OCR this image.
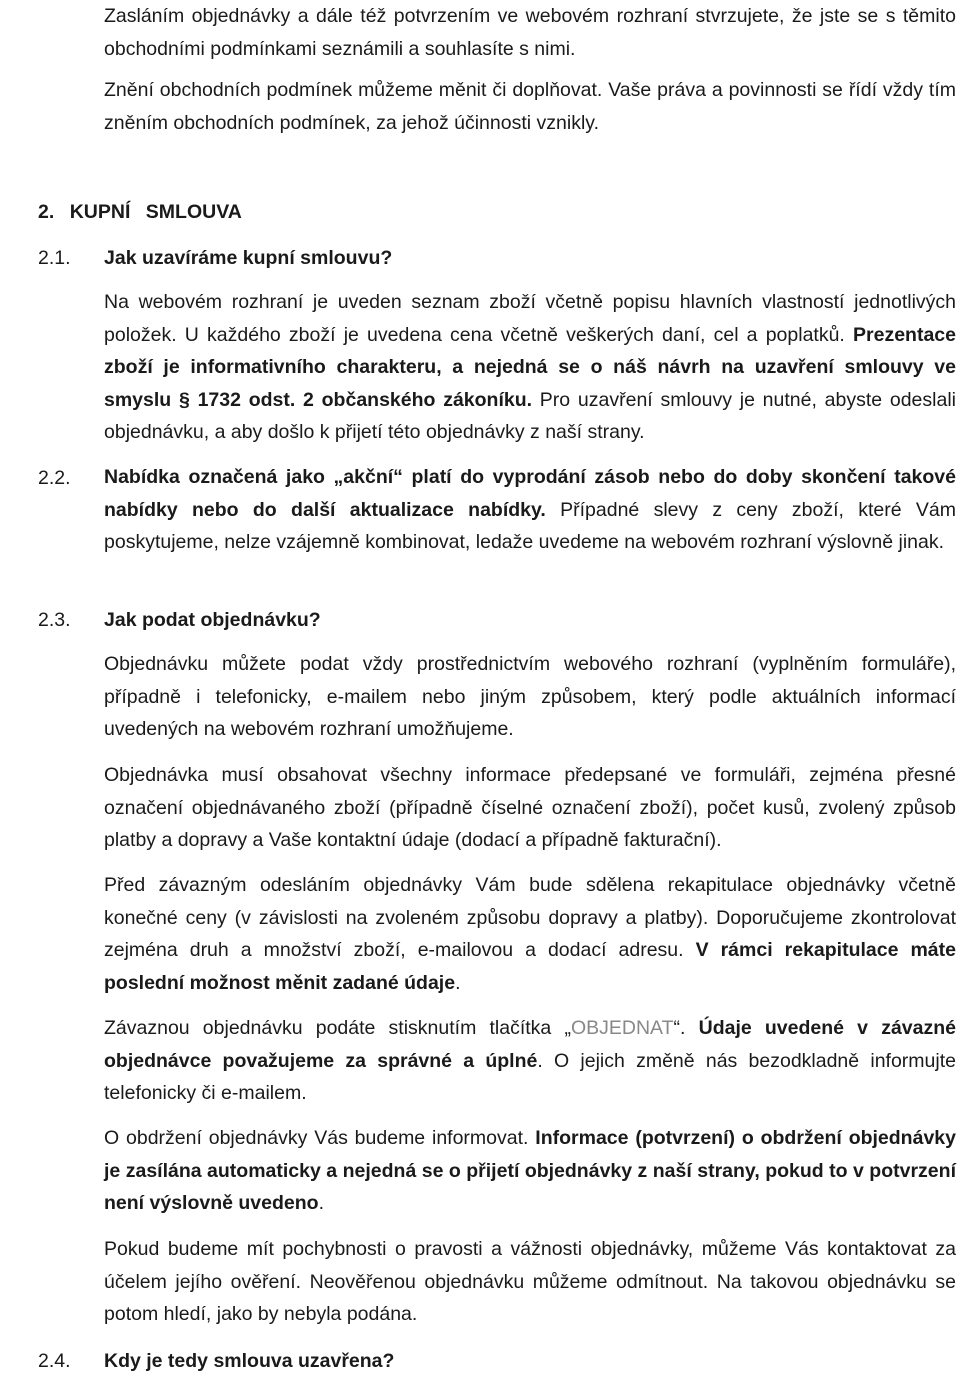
Zasláním objednávky a dále též potvrzením ve webovém rozhraní stvrzujete, že jste se s těmito obchodními podmínkami seznámili a souhlasíte s nimi.

Znění obchodních podmínek můžeme měnit či doplňovat. Vaše práva a povinnosti se řídí vždy tím zněním obchodních podmínek, za jehož účinnosti vznikly.

2. KUPNÍ SMLOUVA
2.1. Jak uzavíráme kupní smlouvu?

Na webovém rozhraní je uveden seznam zboží včetně popisu hlavních vlastností jednotlivých položek. U každého zboží je uvedena cena včetně veškerých daní, cel a poplatků. Prezentace zboží je informativního charakteru, a nejedná se o náš návrh na uzavření smlouvy ve smyslu § 1732 odst. 2 občanského zákoníku. Pro uzavření smlouvy je nutné, abyste odeslali objednávku, a aby došlo k přijetí této objednávky z naší strany.

2.2. Nabídka označená jako „akční“ platí do vyprodání zásob nebo do doby skončení takové nabídky nebo do další aktualizace nabídky. Případné slevy z ceny zboží, které Vám poskytujeme, nelze vzájemně kombinovat, ledaže uvedeme na webovém rozhraní výslovně jinak.

2.3. Jak podat objednávku?

Objednávku můžete podat vždy prostřednictvím webového rozhraní (vyplněním formuláře), případně i telefonicky, e-mailem nebo jiným způsobem, který podle aktuálních informací uvedených na webovém rozhraní umožňujeme.

Objednávka musí obsahovat všechny informace předepsané ve formuláři, zejména přesné označení objednávaného zboží (případně číselné označení zboží), počet kusů, zvolený způsob platby a dopravy a Vaše kontaktní údaje (dodací a případně fakturační).

Před závazným odesláním objednávky Vám bude sdělena rekapitulace objednávky včetně konečné ceny (v závislosti na zvoleném způsobu dopravy a platby). Doporučujeme zkontrolovat zejména druh a množství zboží, e-mailovou a dodací adresu. V rámci rekapitulace máte poslední možnost měnit zadané údaje.

Závaznou objednávku podáte stisknutím tlačítka „OBJEDNAT“. Údaje uvedené v závazné objednávce považujeme za správné a úplné. O jejich změně nás bezodkladně informujte telefonicky či e-mailem.

O obdržení objednávky Vás budeme informovat. Informace (potvrzení) o obdržení objednávky je zasílána automaticky a nejedná se o přijetí objednávky z naší strany, pokud to v potvrzení není výslovně uvedeno.

Pokud budeme mít pochybnosti o pravosti a vážnosti objednávky, můžeme Vás kontaktovat za účelem jejího ověření. Neověřenou objednávku můžeme odmítnout. Na takovou objednávku se potom hledí, jako by nebyla podána.

2.4. Kdy je tedy smlouva uzavřena?
